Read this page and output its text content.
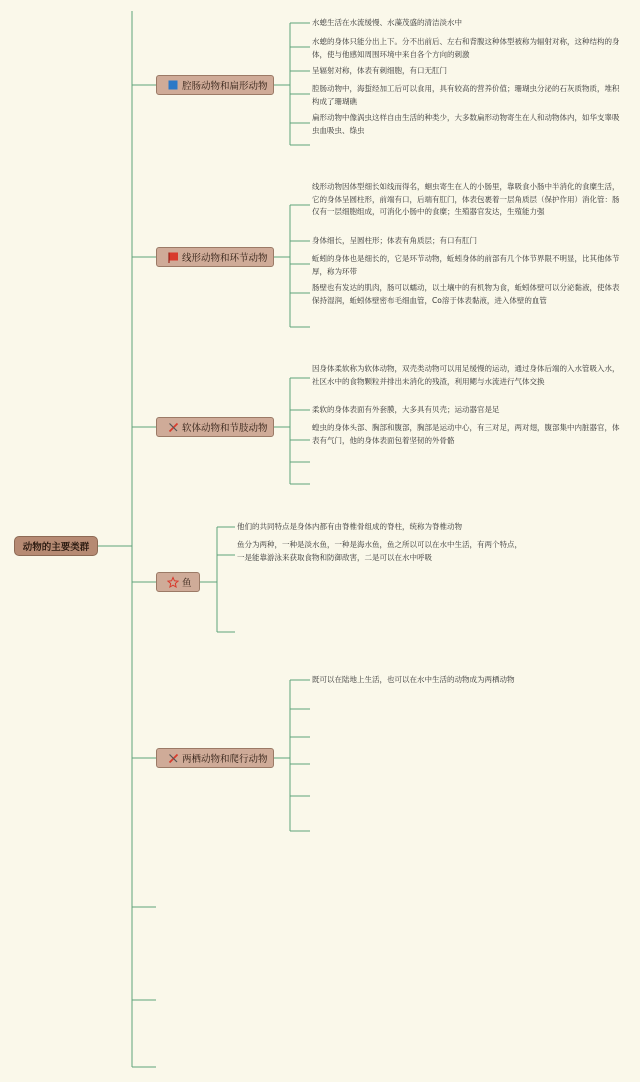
动物的主要类群
腔肠动物和扁形动物
线形动物和环节动物
软体动物和节肢动物
鱼
两栖动物和爬行动物
水螅生活在水流缓慢、水藻茂盛的清洁淡水中
水螅的身体只能分出上下。分不出前后、左右和背腹这种体型被称为辐射对称，这种结构的身体，使与他感知周围环境中来自各个方向的刺激
呈辐射对称，体表有刺细胞，有口无肛门
腔肠动物中，海蜇经加工后可以食用，具有较高的营养价值；珊瑚虫分泌的石灰质物质，堆积构成了珊瑚礁
扁形动物中像涡虫这样自由生活的种类少，大多数扁形动物寄生在人和动物体内，如华支睾吸虫血吸虫、绦虫
线形动物因体型细长如线而得名，蛔虫寄生在人的小肠里，靠吸食小肠中半消化的食糜生活，它的身体呈圆柱形，前端有口，后端有肛门，体表包裹着一层角质层（保护作用）消化管：肠仅有一层细胞组成，可消化小肠中的食糜；生殖器官发达，生殖能力强
身体细长，呈圆柱形；体表有角质层；有口有肛门
蚯蚓的身体也是细长的，它是环节动物，蚯蚓身体的前部有几个体节界限不明显，比其他体节厚，称为环带
肠壁也有发达的肌肉，肠可以蠕动，以土壤中的有机物为食，蚯蚓体壁可以分泌黏液，使体表保持湿润，蚯蚓体壁密布毛细血管，Co溶于体表黏液，进入体壁的血管
因身体柔软称为软体动物，双壳类动物可以用足缓慢的运动，通过身体后端的入水管吸入水，社区水中的食物颗粒并排出未消化的残渣，利用鳃与水流进行气体交换
柔软的身体表面有外套膜，大多具有贝壳；运动器官是足
蝗虫的身体头部、胸部和腹部，胸部是运动中心，有三对足，两对翅，腹部集中内脏器官，体表有气门，他的身体表面包着坚韧的外骨骼
他们的共同特点是身体内都有由脊椎骨组成的脊柱，统称为脊椎动物
鱼分为两种，一种是淡水鱼，一种是海水鱼，鱼之所以可以在水中生活，有两个特点，一是能靠游泳来获取食物和防御敌害，二是可以在水中呼吸
既可以在陆地上生活，也可以在水中生活的动物成为两栖动物
